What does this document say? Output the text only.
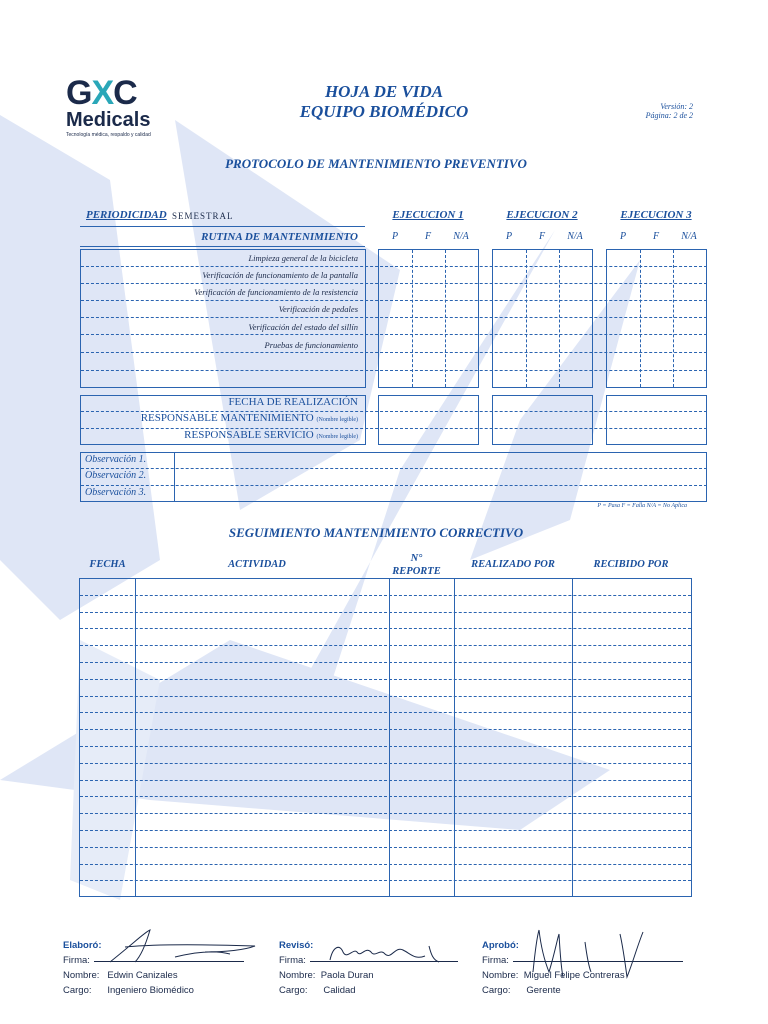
GXC
Medicals
Tecnología médica, respaldo y calidad
HOJA DE VIDA
EQUIPO BIOMÉDICO	Versión: 2
Página: 2 de 2
PROTOCOLO DE MANTENIMIENTO PREVENTIVO
PERIODICIDAD SEMESTRAL	EJECUCION 1	EJECUCION 2	EJECUCION 3
RUTINA DE MANTENIMIENTO	P	F	N/A	P	F	N/A	P	F	N/A
Limpieza general de la bicicleta
Verificación de funcionamiento de la pantalla
Verificación de funcionamiento de la resistencia
Verificación de pedales
Verificación del estado del sillín
Pruebas de funcionamiento
FECHA DE REALIZACIÓN
RESPONSABLE MANTENIMIENTO (Nombre legible)
RESPONSABLE SERVICIO (Nombre legible)
Observación 1.
Observación 2.
Observación 3.
P = Pasa F = Falla N/A = No Aplica
SEGUIMIENTO MANTENIMIENTO CORRECTIVO
FECHA	ACTIVIDAD
N°
REPORTE
REALIZADO POR	RECIBIDO POR
Elaboró:
Firma:
Nombre: Edwin Canizales
Cargo: Ingeniero Biomédico
Revisó:
Firma:
Nombre: Paola Duran
Cargo: Calidad
Aprobó:
Firma:
Nombre: Miguel Felipe Contreras
Cargo: Gerente
